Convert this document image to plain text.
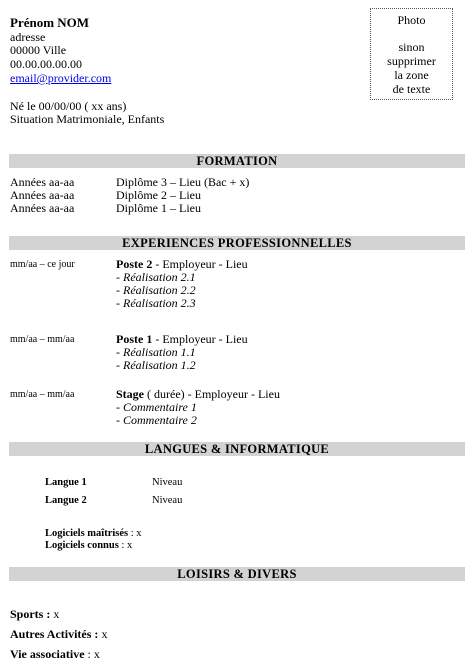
Prénom NOM
adresse
00000 Ville
00.00.00.00.00
email@provider.com
Né le 00/00/00 ( xx ans)
Situation Matrimoniale, Enfants
Photo
sinon
supprimer
la zone
de texte
FORMATION
Années aa-aa	Diplôme 3 – Lieu (Bac + x)
Années aa-aa	Diplôme 2 – Lieu
Années aa-aa	Diplôme 1 – Lieu
EXPERIENCES PROFESSIONNELLES
mm/aa – ce jour	Poste 2 - Employeur - Lieu
- Réalisation 2.1
- Réalisation 2.2
- Réalisation 2.3
mm/aa – mm/aa	Poste 1 - Employeur - Lieu
- Réalisation 1.1
- Réalisation 1.2
mm/aa – mm/aa	Stage ( durée) - Employeur - Lieu
- Commentaire 1
- Commentaire 2
LANGUES & INFORMATIQUE
Langue 1	Niveau
Langue 2	Niveau
Logiciels maîtrisés : x
Logiciels connus : x
LOISIRS & DIVERS
Sports : x
Autres Activités : x
Vie associative : x
